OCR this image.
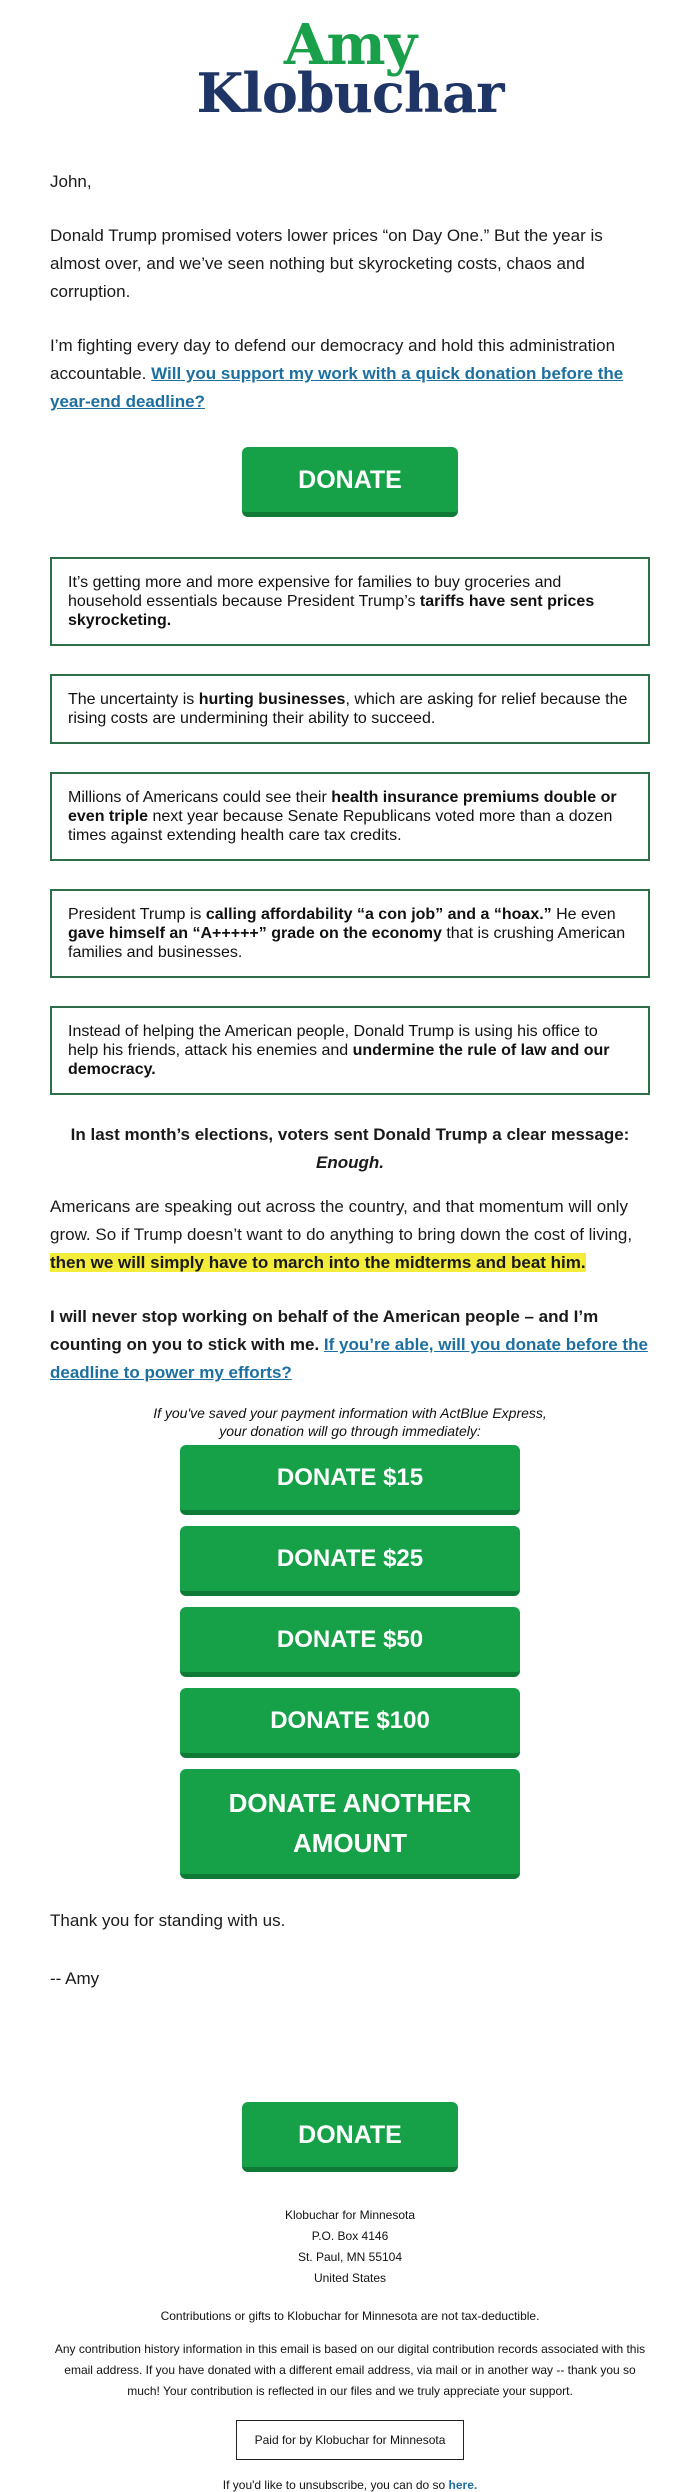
Amy
Klobuchar
John,
Donald Trump promised voters lower prices “on Day One.” But the year is almost over, and we’ve seen nothing but skyrocketing costs, chaos and corruption.
I’m fighting every day to defend our democracy and hold this administration accountable. Will you support my work with a quick donation before the year-end deadline?
DONATE
It’s getting more and more expensive for families to buy groceries and household essentials because President Trump’s tariffs have sent prices skyrocketing.
The uncertainty is hurting businesses, which are asking for relief because the rising costs are undermining their ability to succeed.
Millions of Americans could see their health insurance premiums double or even triple next year because Senate Republicans voted more than a dozen times against extending health care tax credits.
President Trump is calling affordability “a con job” and a “hoax.” He even gave himself an “A+++++” grade on the economy that is crushing American families and businesses.
Instead of helping the American people, Donald Trump is using his office to help his friends, attack his enemies and undermine the rule of law and our democracy.
In last month’s elections, voters sent Donald Trump a clear message: Enough.
Americans are speaking out across the country, and that momentum will only grow. So if Trump doesn’t want to do anything to bring down the cost of living, then we will simply have to march into the midterms and beat him.
I will never stop working on behalf of the American people – and I’m counting on you to stick with me. If you’re able, will you donate before the deadline to power my efforts?
If you've saved your payment information with ActBlue Express,
your donation will go through immediately:
DONATE $15
DONATE $25
DONATE $50
DONATE $100
DONATE ANOTHER AMOUNT
Thank you for standing with us.
-- Amy
DONATE
Klobuchar for Minnesota
P.O. Box 4146
St. Paul, MN 55104
United States
Contributions or gifts to Klobuchar for Minnesota are not tax-deductible.
Any contribution history information in this email is based on our digital contribution records associated with this email address. If you have donated with a different email address, via mail or in another way -- thank you so much! Your contribution is reflected in our files and we truly appreciate your support.
Paid for by Klobuchar for Minnesota
If you'd like to unsubscribe, you can do so here.
